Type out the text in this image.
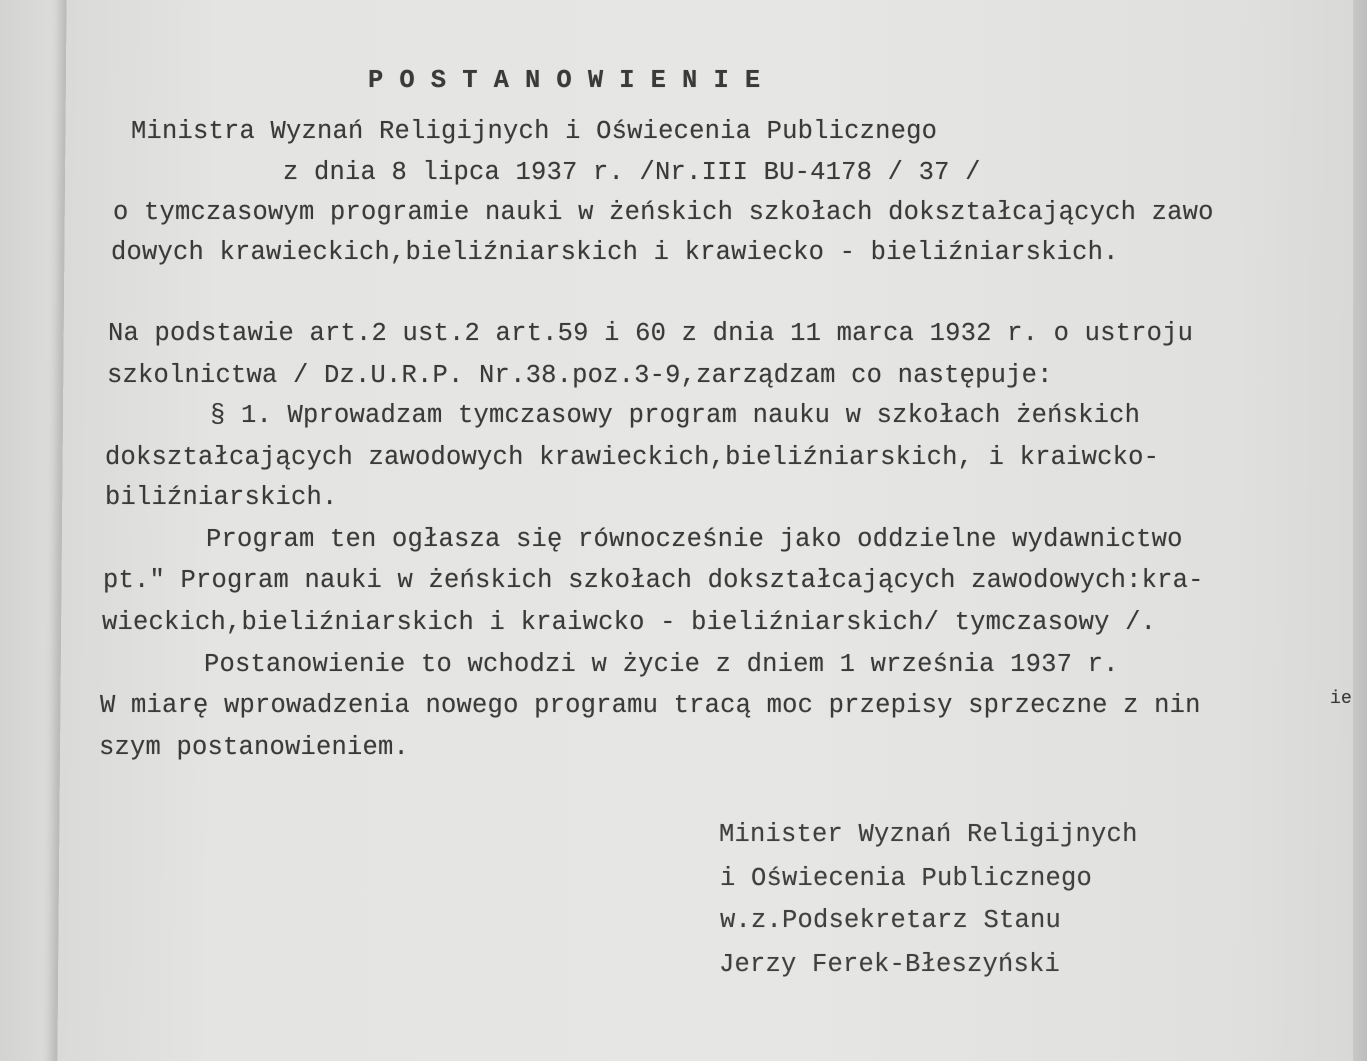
P O S T A N O W I E N I E
Ministra Wyznań Religijnych i Oświecenia Publicznego
z dnia 8 lipca 1937 r. /Nr.III BU-4178 / 37 /
o tymczasowym programie nauki w żeńskich szkołach dokształcających zawo
dowych krawieckich,bieliźniarskich i krawiecko - bieliźniarskich.
Na podstawie art.2 ust.2 art.59 i 60 z dnia 11 marca 1932 r. o ustroju
szkolnictwa / Dz.U.R.P. Nr.38.poz.3-9,zarządzam co następuje:
§ 1. Wprowadzam tymczasowy program nauku w szkołach żeńskich
dokształcających zawodowych krawieckich,bieliźniarskich, i kraiwcko-
biliźniarskich.
Program ten ogłasza się równocześnie jako oddzielne wydawnictwo
pt." Program nauki w żeńskich szkołach dokształcających zawodowych:kra-
wieckich,bieliźniarskich i kraiwcko - bieliźniarskich/ tymczasowy /.
Postanowienie to wchodzi w życie z dniem 1 września 1937 r.
W miarę wprowadzenia nowego programu tracą moc przepisy sprzeczne z nin	ie
szym postanowieniem.
Minister Wyznań Religijnych
i Oświecenia Publicznego
w.z.Podsekretarz Stanu
Jerzy Ferek-Błeszyński
